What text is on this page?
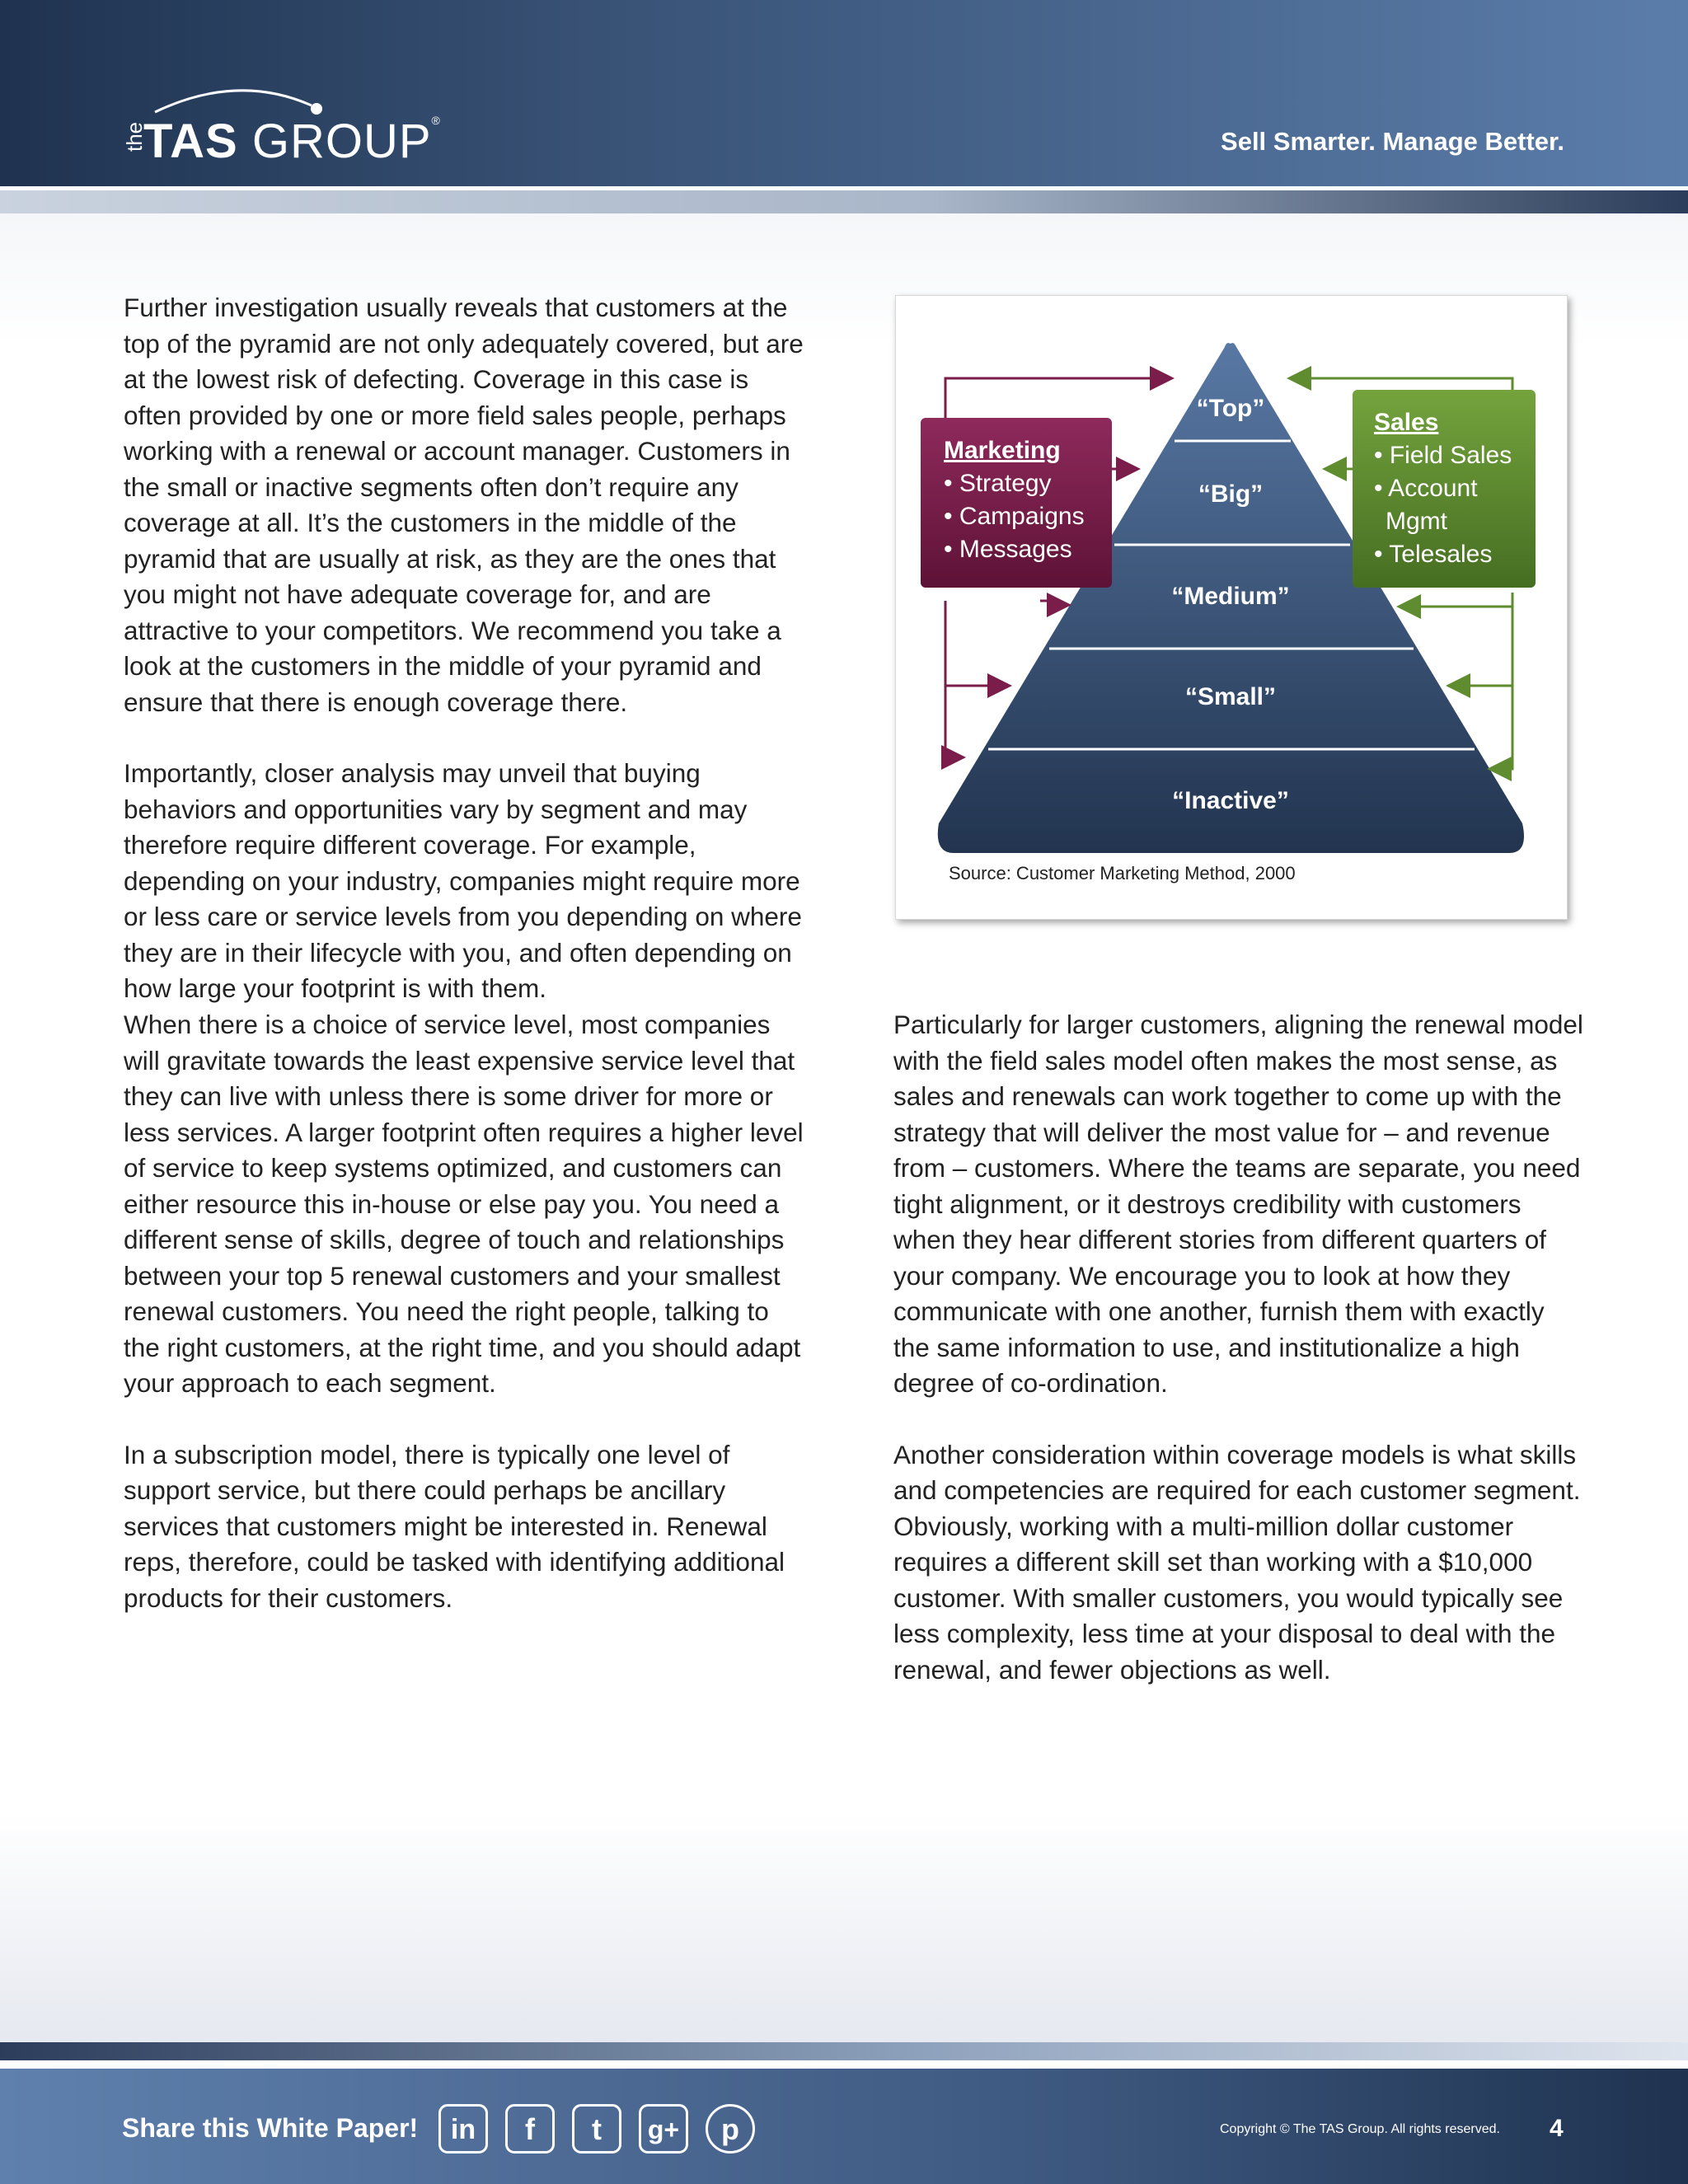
the
TAS GROUP®
Sell Smarter. Manage Better.

Further investigation usually reveals that customers at the top of the pyramid are not only adequately covered, but are at the lowest risk of defecting. Coverage in this case is often provided by one or more field sales people, perhaps working with a renewal or account manager. Customers in the small or inactive segments often don’t require any coverage at all. It’s the customers in the middle of the pyramid that are usually at risk, as they are the ones that you might not have adequate coverage for, and are attractive to your competitors. We recommend you take a look at the customers in the middle of your pyramid and ensure that there is enough coverage there.

Importantly, closer analysis may unveil that buying behaviors and opportunities vary by segment and may therefore require different coverage. For example, depending on your industry, companies might require more or less care or service levels from you depending on where they are in their lifecycle with you, and often depending on how large your footprint is with them.

When there is a choice of service level, most companies will gravitate towards the least expensive service level that they can live with unless there is some driver for more or less services. A larger footprint often requires a higher level of service to keep systems optimized, and customers can either resource this in-house or else pay you. You need a different sense of skills, degree of touch and relationships between your top 5 renewal customers and your smallest renewal customers. You need the right people, talking to the right customers, at the right time, and you should adapt your approach to each segment.

In a subscription model, there is typically one level of support service, but there could perhaps be ancillary services that customers might be interested in. Renewal reps, therefore, could be tasked with identifying additional products for their customers.

“Top”
“Big”
“Medium”
“Small”
“Inactive”
Marketing
• Strategy
• Campaigns
• Messages
Sales
• Field Sales
• Account
Mgmt
• Telesales
Source: Customer Marketing Method, 2000

Particularly for larger customers, aligning the renewal model with the field sales model often makes the most sense, as sales and renewals can work together to come up with the strategy that will deliver the most value for – and revenue from – customers. Where the teams are separate, you need tight alignment, or it destroys credibility with customers when they hear different stories from different quarters of your company. We encourage you to look at how they communicate with one another, furnish them with exactly the same information to use, and institutionalize a high degree of co-ordination.

Another consideration within coverage models is what skills and competencies are required for each customer segment. Obviously, working with a multi-million dollar customer requires a different skill set than working with a $10,000 customer. With smaller customers, you would typically see less complexity, less time at your disposal to deal with the renewal, and fewer objections as well.

Share this White Paper!	in	f	t	g+	p	Copyright © The TAS Group. All rights reserved. 4
